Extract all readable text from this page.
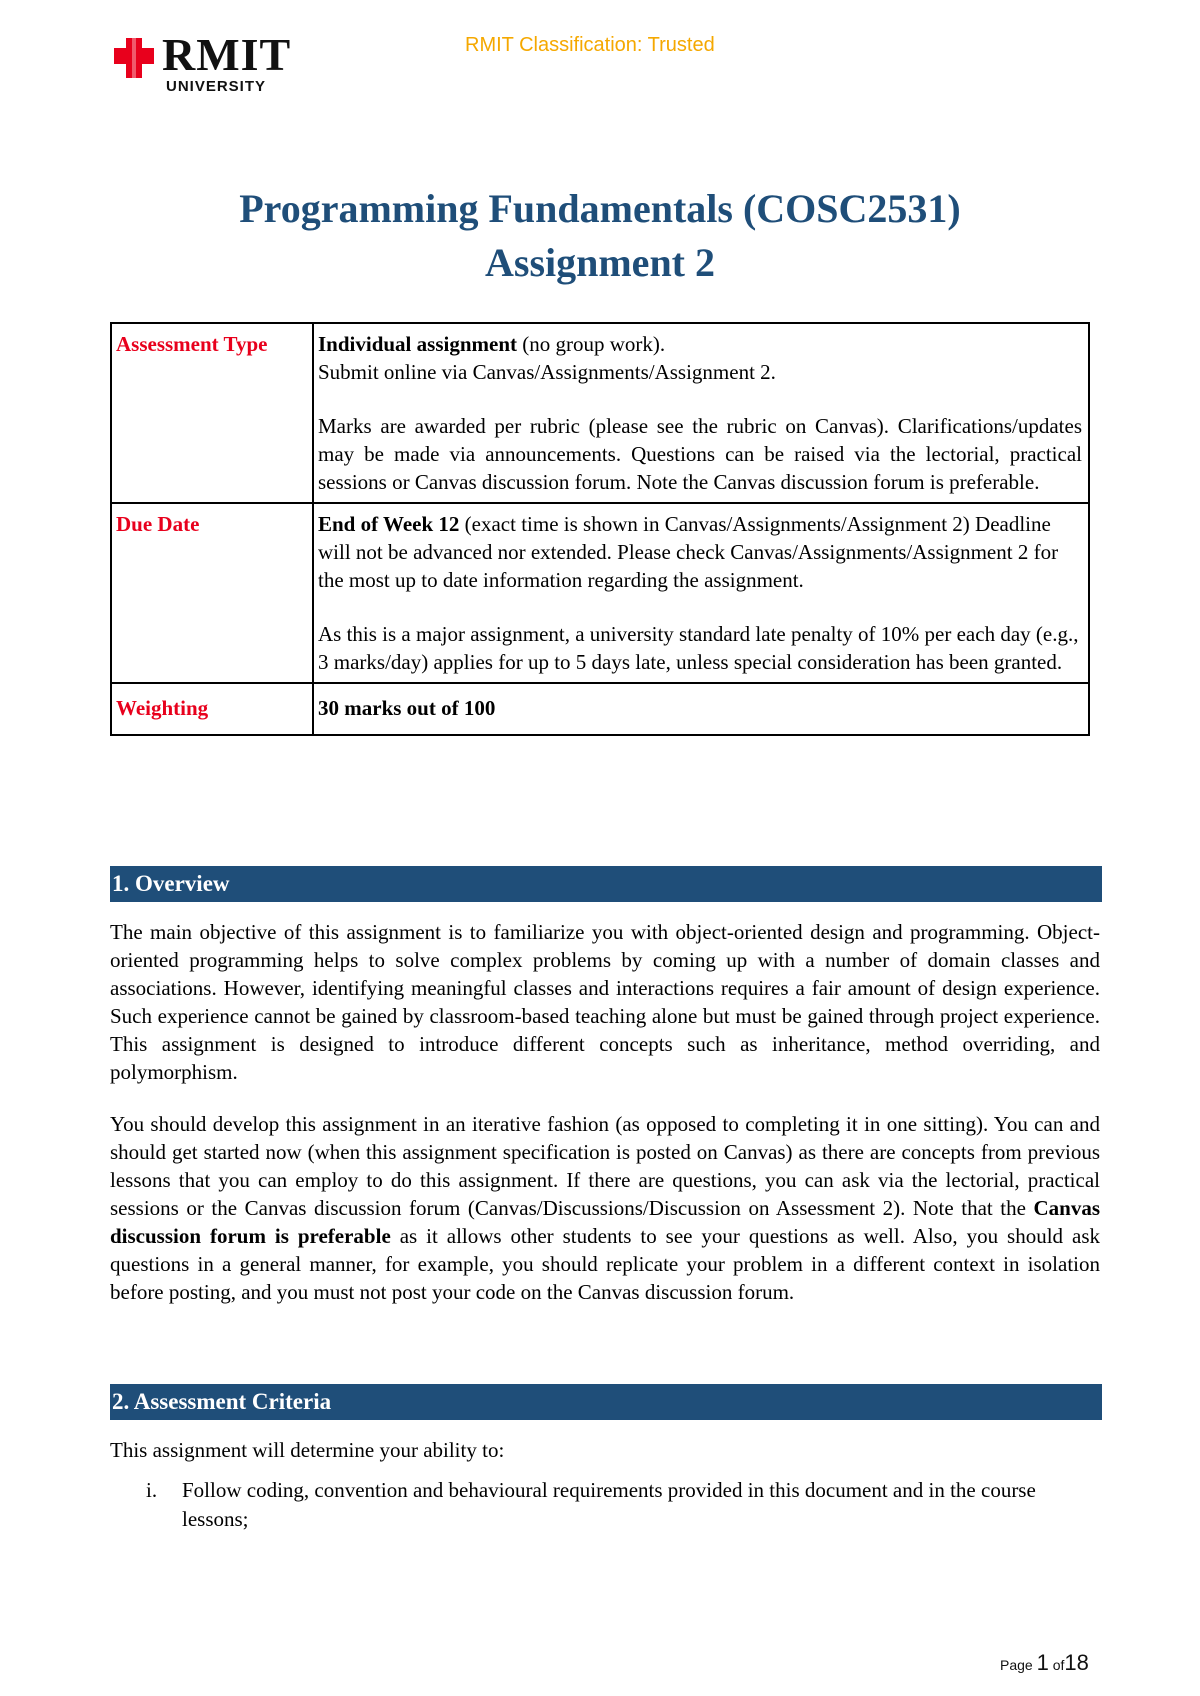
RMIT
UNIVERSITY
RMIT Classification: Trusted
Programming Fundamentals (COSC2531)
Assignment 2
Assessment Type	Individual assignment (no group work).
Submit online via Canvas/Assignments/Assignment 2.
Marks are awarded per rubric (please see the rubric on Canvas). Clarifications/updates may be made via announcements. Questions can be raised via the lectorial, practical sessions or Canvas discussion forum. Note the Canvas discussion forum is preferable.

Due Date	End of Week 12 (exact time is shown in Canvas/Assignments/Assignment 2) Deadline will not be advanced nor extended. Please check Canvas/Assignments/Assignment 2 for the most up to date information regarding the assignment.
As this is a major assignment, a university standard late penalty of 10% per each day (e.g., 3 marks/day) applies for up to 5 days late, unless special consideration has been granted.

Weighting	30 marks out of 100
1. Overview

The main objective of this assignment is to familiarize you with object-oriented design and programming. Object-oriented programming helps to solve complex problems by coming up with a number of domain classes and associations. However, identifying meaningful classes and interactions requires a fair amount of design experience. Such experience cannot be gained by classroom-based teaching alone but must be gained through project experience. This assignment is designed to introduce different concepts such as inheritance, method overriding, and polymorphism.

You should develop this assignment in an iterative fashion (as opposed to completing it in one sitting). You can and should get started now (when this assignment specification is posted on Canvas) as there are concepts from previous lessons that you can employ to do this assignment. If there are questions, you can ask via the lectorial, practical sessions or the Canvas discussion forum (Canvas/Discussions/Discussion on Assessment 2). Note that the Canvas discussion forum is preferable as it allows other students to see your questions as well. Also, you should ask questions in a general manner, for example, you should replicate your problem in a different context in isolation before posting, and you must not post your code on the Canvas discussion forum.

2. Assessment Criteria

This assignment will determine your ability to:

i. Follow coding, convention and behavioural requirements provided in this document and in the course lessons;
Page 1 of18
